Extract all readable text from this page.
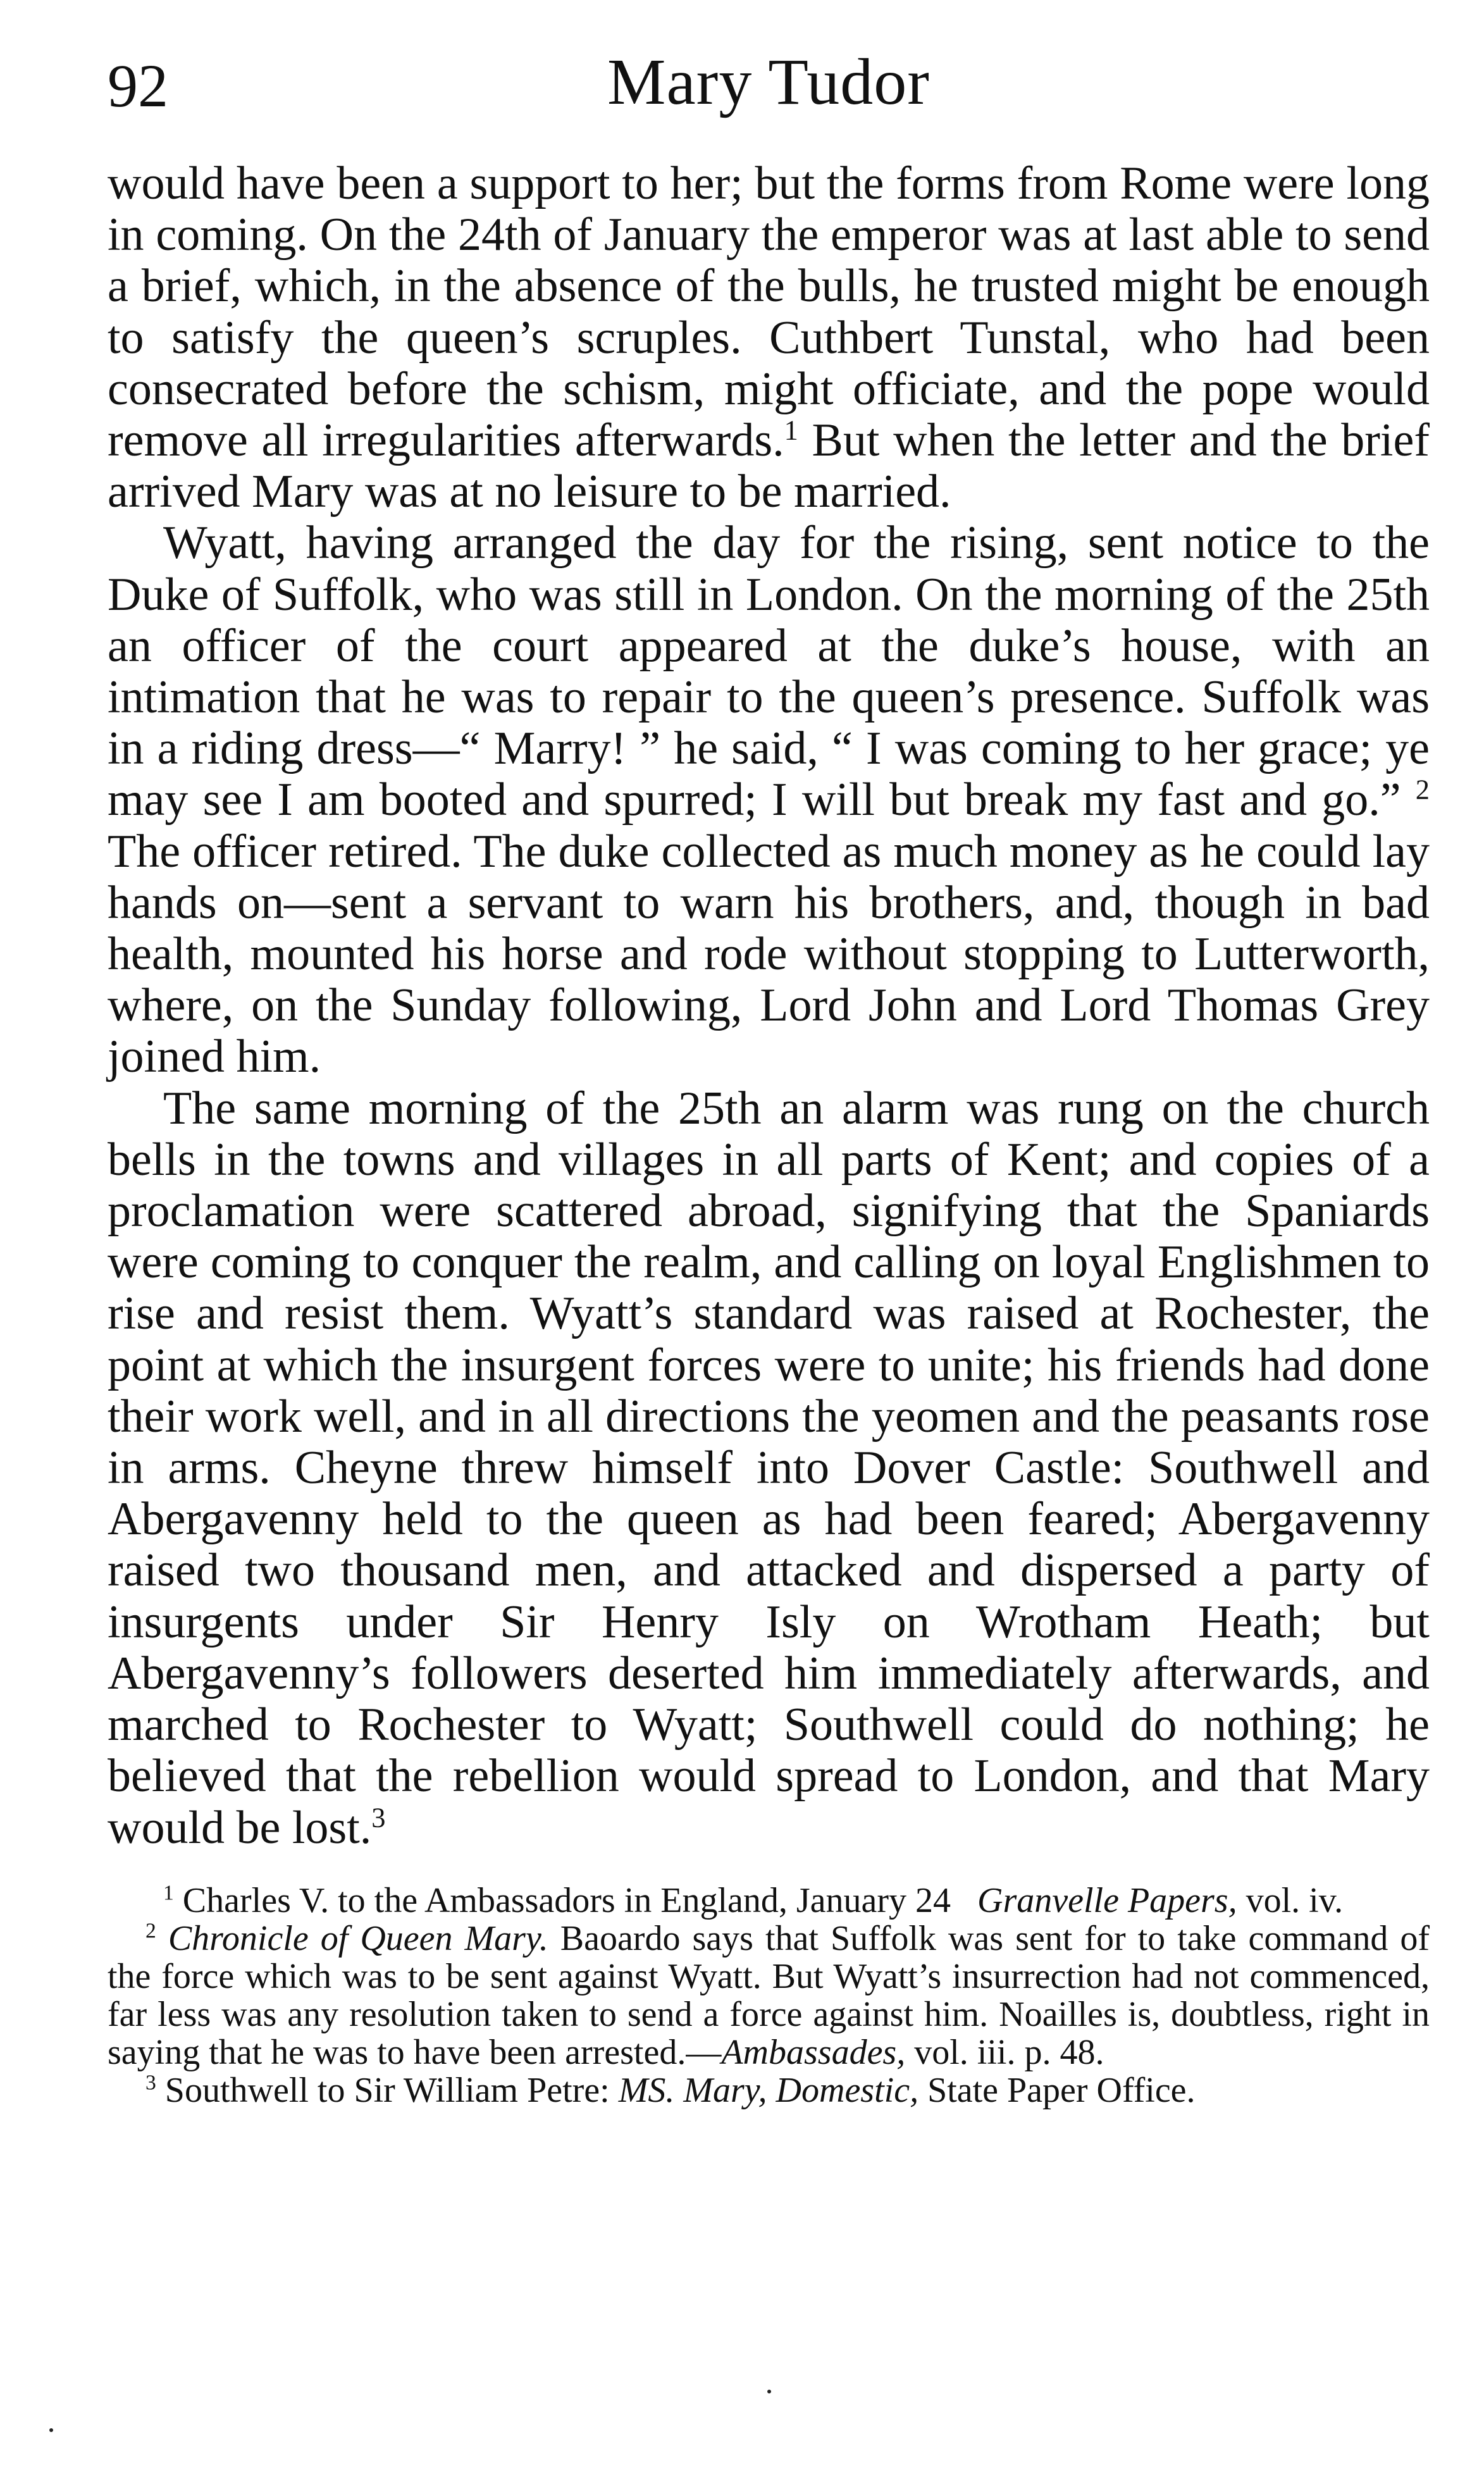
92	Mary Tudor

would have been a support to her; but the forms from Rome were long in coming. On the 24th of January the emperor was at last able to send a brief, which, in the absence of the bulls, he trusted might be enough to satisfy the queen’s scruples. Cuthbert Tunstal, who had been consecrated before the schism, might officiate, and the pope would remove all irregularities afterwards.$^1$ But when the letter and the brief arrived Mary was at no leisure to be married.

Wyatt, having arranged the day for the rising, sent notice to the Duke of Suffolk, who was still in London. On the morning of the 25th an officer of the court appeared at the duke’s house, with an intimation that he was to repair to the queen’s presence. Suffolk was in a riding dress—“ Marry! ” he said, “ I was coming to her grace; ye may see I am booted and spurred; I will but break my fast and go.” $^2$ The officer retired. The duke collected as much money as he could lay hands on—sent a servant to warn his brothers, and, though in bad health, mounted his horse and rode without stopping to Lutterworth, where, on the Sunday following, Lord John and Lord Thomas Grey joined him.

The same morning of the 25th an alarm was rung on the church bells in the towns and villages in all parts of Kent; and copies of a proclamation were scattered abroad, signifying that the Spaniards were coming to conquer the realm, and calling on loyal Englishmen to rise and resist them. Wyatt’s standard was raised at Rochester, the point at which the insurgent forces were to unite; his friends had done their work well, and in all directions the yeomen and the peasants rose in arms. Cheyne threw himself into Dover Castle: Southwell and Abergavenny held to the queen as had been feared; Abergavenny raised two thousand men, and attacked and dispersed a party of insurgents under Sir Henry Isly on Wrotham Heath; but Abergavenny’s followers deserted him immediately afterwards, and marched to Rochester to Wyatt; Southwell could do nothing; he believed that the rebellion would spread to London, and that Mary would be lost.$^3$

$^1$ Charles V. to the Ambassadors in England, January 24 Granvelle Papers, vol. iv.

$^2$ Chronicle of Queen Mary. Baoardo says that Suffolk was sent for to take command of the force which was to be sent against Wyatt. But Wyatt’s insurrection had not commenced, far less was any resolution taken to send a force against him. Noailles is, doubtless, right in saying that he was to have been arrested.—Ambassades, vol. iii. p. 48.

$^3$ Southwell to Sir William Petre: MS. Mary, Domestic, State Paper Office.
